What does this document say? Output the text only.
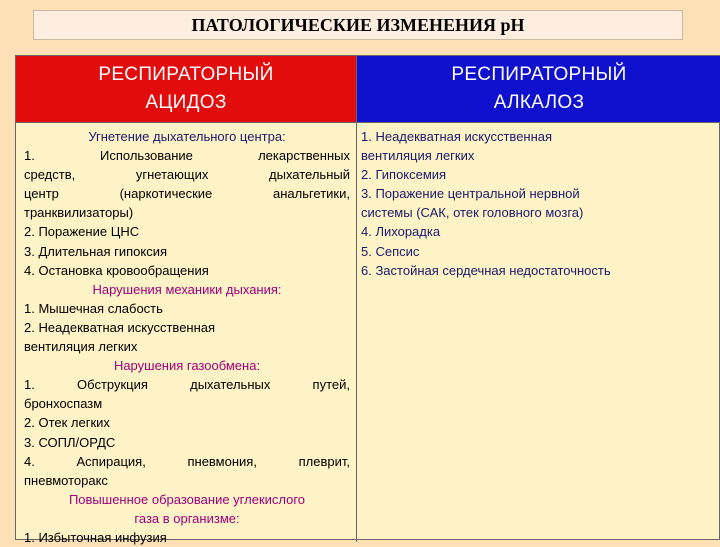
ПАТОЛОГИЧЕСКИЕ ИЗМЕНЕНИЯ рН
РЕСПИРАТОРНЫЙ
АЦИДОЗ
РЕСПИРАТОРНЫЙ
АЛКАЛОЗ
Угнетение дыхательного центра:
1. Использование лекарственных
средств, угнетающих дыхательный
центр (наркотические анальгетики,
транквилизаторы)
2. Поражение ЦНС
3. Длительная гипоксия
4. Остановка кровообращения
Нарушения механики дыхания:
1. Мышечная слабость
2. Неадекватная искусственная
вентиляция легких
Нарушения газообмена:
1. Обструкция дыхательных путей,
бронхоспазм
2. Отек легких
3. СОПЛ/ОРДС
4. Аспирация, пневмония, плеврит,
пневмоторакс
Повышенное образование углекислого
газа в организме:
1. Избыточная инфузия
1. Неадекватная искусственная
вентиляция легких
2. Гипоксемия
3. Поражение центральной нервной
системы (САК, отек головного мозга)
4. Лихорадка
5. Сепсис
6. Застойная сердечная недостаточность
